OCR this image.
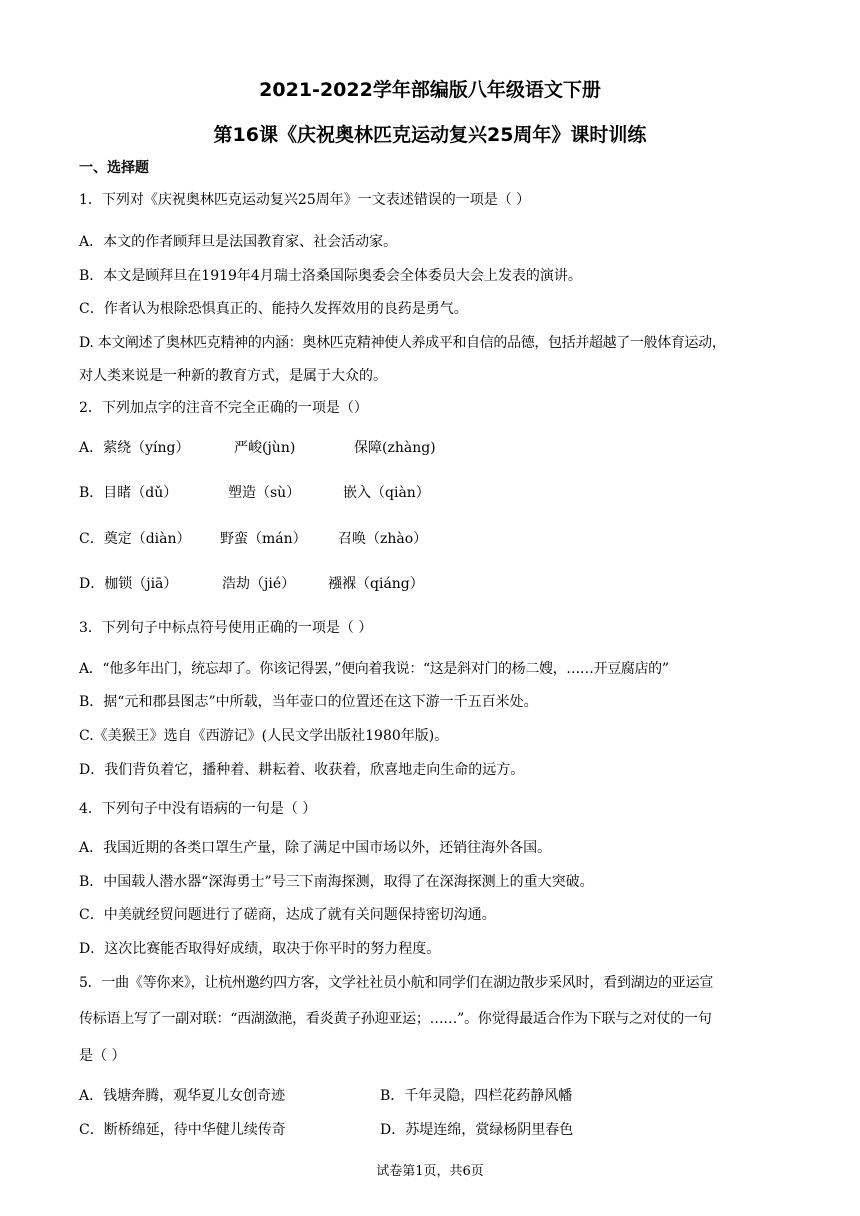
2021-2022学年部编版八年级语文下册
第16课《庆祝奥林匹克运动复兴25周年》课时训练
一、选择题
1．下列对《庆祝奥林匹克运动复兴25周年》一文表述错误的一项是（ ）
A．本文的作者顾拜旦是法国教育家、社会活动家。
B．本文是顾拜旦在1919年4月瑞士洛桑国际奥委会全体委员大会上发表的演讲。
C．作者认为根除恐惧真正的、能持久发挥效用的良药是勇气。
D. 本文阐述了奥林匹克精神的内涵：奥林匹克精神使人养成平和自信的品德，包括并超越了一般体育运动，
对人类来说是一种新的教育方式，是属于大众的。
2．下列加点字的注音不完全正确的一项是（）
A．萦绕（yíng）	严峻(jùn)	保障(zhàng)
B．目睹（dǔ）	塑造（sù）	嵌入（qiàn）
C．奠定（diàn） 野蛮（mán） 召唤（zhào）
D．枷锁（jiā）	浩劫（jié） 襁褓（qiáng）
3．下列句子中标点符号使用正确的一项是（ ）
A．“他多年出门，统忘却了。你该记得罢，”便向着我说：“这是斜对门的杨二嫂，……开豆腐店的”
B．据“元和郡县图志”中所载，当年壶口的位置还在这下游一千五百米处。
C.《美猴王》选自《西游记》(人民文学出版社1980年版)。
D．我们背负着它，播种着、耕耘着、收获着，欣喜地走向生命的远方。
4．下列句子中没有语病的一句是（ ）
A．我国近期的各类口罩生产量，除了满足中国市场以外，还销往海外各国。
B．中国载人潜水器“深海勇士”号三下南海探测，取得了在深海探测上的重大突破。
C．中美就经贸问题进行了磋商，达成了就有关问题保持密切沟通。
D．这次比赛能否取得好成绩，取决于你平时的努力程度。
5．一曲《等你来》，让杭州邀约四方客，文学社社员小航和同学们在湖边散步采风时，看到湖边的亚运宣
传标语上写了一副对联：“西湖潋滟，看炎黄子孙迎亚运；……”。你觉得最适合作为下联与之对仗的一句
是（ ）
A．钱塘奔腾，观华夏儿女创奇迹	B．千年灵隐，四栏花药静风幡
C．断桥绵延，待中华健儿续传奇	D．苏堤连绵，赏绿杨阴里春色
试卷第1页，共6页
